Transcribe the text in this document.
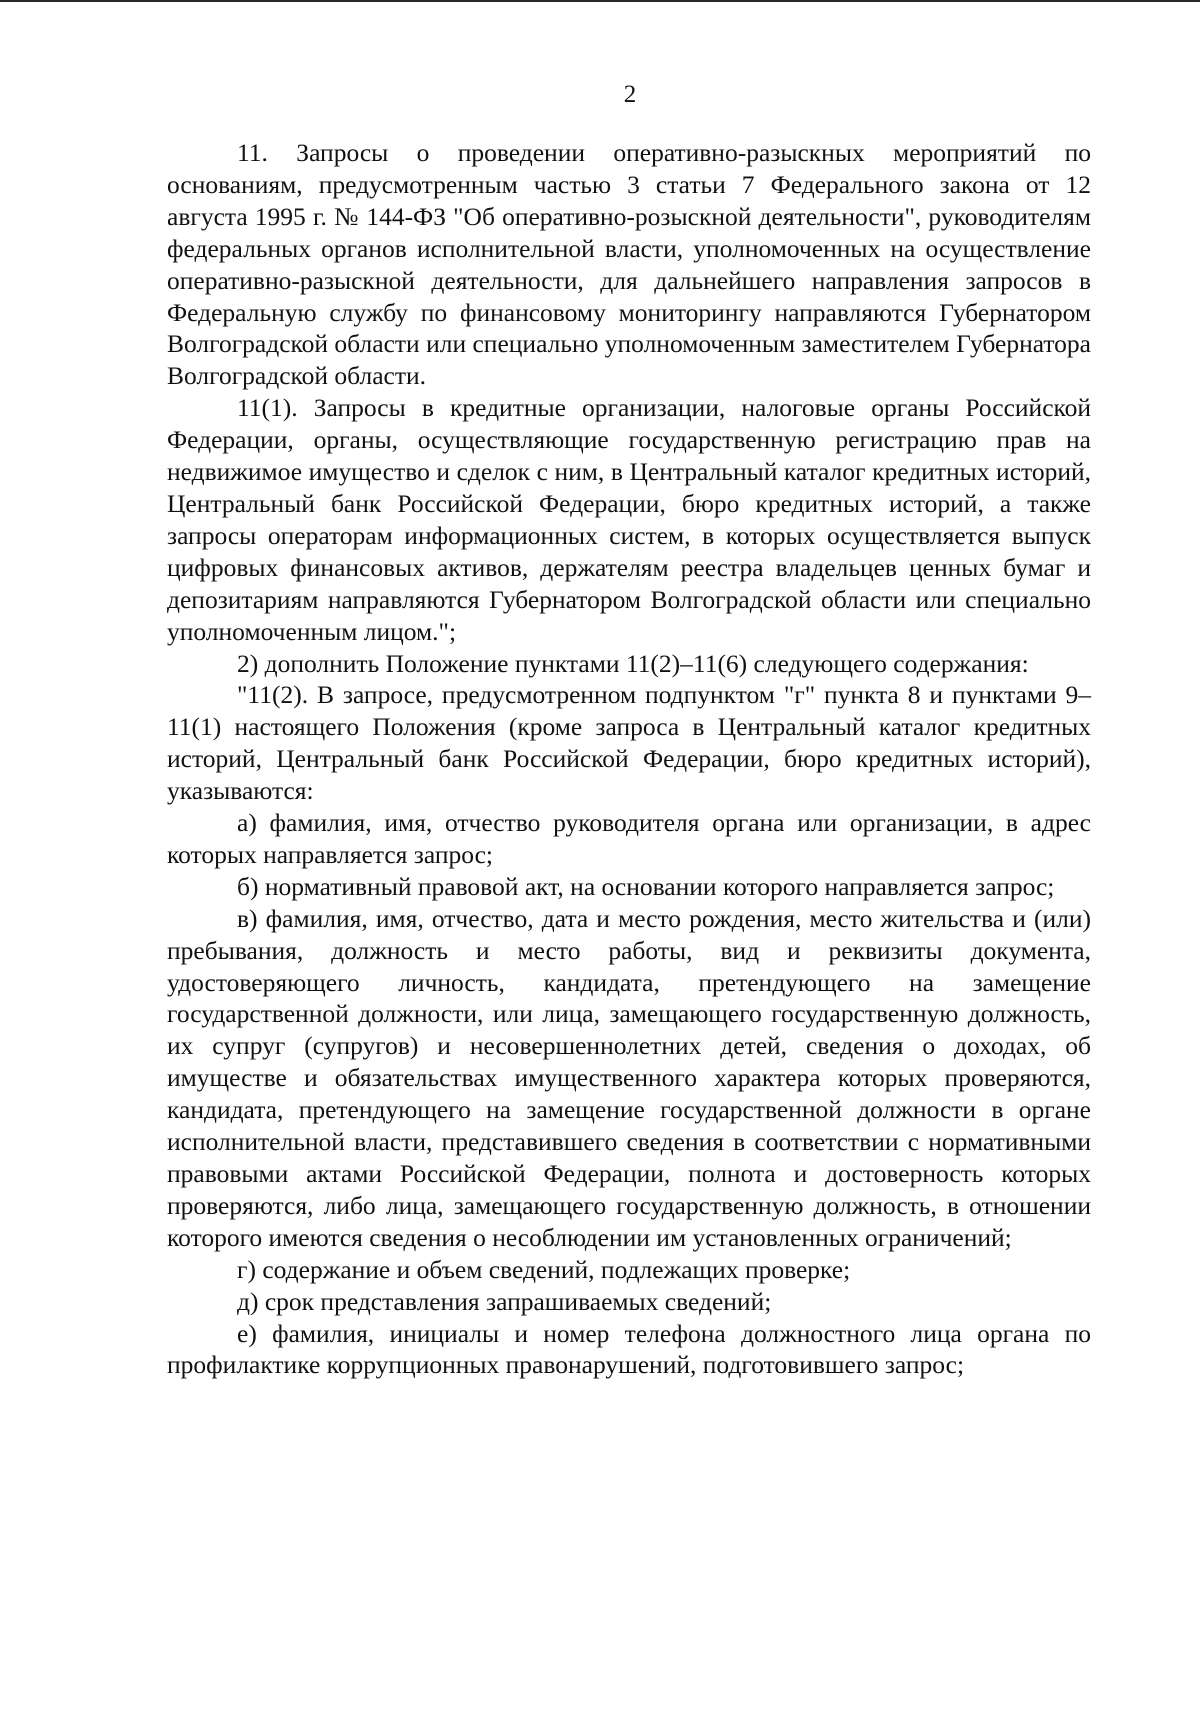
2

11. Запросы о проведении оперативно-разыскных мероприятий по основаниям, предусмотренным частью 3 статьи 7 Федерального закона от 12 августа 1995 г. № 144-ФЗ "Об оперативно-розыскной деятельности", руководителям федеральных органов исполнительной власти, уполномоченных на осуществление оперативно-разыскной деятельности, для дальнейшего направления запросов в Федеральную службу по финансовому мониторингу направляются Губернатором Волгоградской области или специально уполномоченным заместителем Губернатора Волгоградской области.

11(1). Запросы в кредитные организации, налоговые органы Российской Федерации, органы, осуществляющие государственную регистрацию прав на недвижимое имущество и сделок с ним, в Центральный каталог кредитных историй, Центральный банк Российской Федерации, бюро кредитных историй, а также запросы операторам информационных систем, в которых осуществляется выпуск цифровых финансовых активов, держателям реестра владельцев ценных бумаг и депозитариям направляются Губернатором Волгоградской области или специально уполномоченным лицом.";

2) дополнить Положение пунктами 11(2)–11(6) следующего содержания:

"11(2). В запросе, предусмотренном подпунктом "г" пункта 8 и пунктами 9–11(1) настоящего Положения (кроме запроса в Центральный каталог кредитных историй, Центральный банк Российской Федерации, бюро кредитных историй), указываются:

а) фамилия, имя, отчество руководителя органа или организации, в адрес которых направляется запрос;

б) нормативный правовой акт, на основании которого направляется запрос;

в) фамилия, имя, отчество, дата и место рождения, место жительства и (или) пребывания, должность и место работы, вид и реквизиты документа, удостоверяющего личность, кандидата, претендующего на замещение государственной должности, или лица, замещающего государственную должность, их супруг (супругов) и несовершеннолетних детей, сведения о доходах, об имуществе и обязательствах имущественного характера которых проверяются, кандидата, претендующего на замещение государственной должности в органе исполнительной власти, представившего сведения в соответствии с нормативными правовыми актами Российской Федерации, полнота и достоверность которых проверяются, либо лица, замещающего государственную должность, в отношении которого имеются сведения о несоблюдении им установленных ограничений;

г) содержание и объем сведений, подлежащих проверке;

д) срок представления запрашиваемых сведений;

е) фамилия, инициалы и номер телефона должностного лица органа по профилактике коррупционных правонарушений, подготовившего запрос;
